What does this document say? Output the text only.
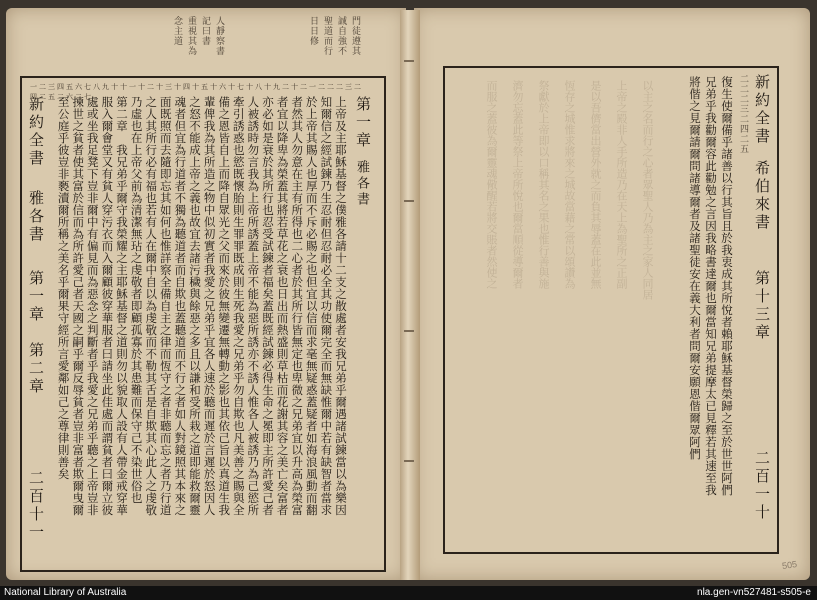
門徒遵其
誠自強不
聖道而行
日日修
人靜察書
記曰書
重視其為
念主道
一二三四五六七八九十十一十二十三十四十五十六十七十八十九二十二一二二二三二四二五二六二七	上帝及主耶穌基督之僕雅各請十二支之散處者安我兄弟乎爾遇諸試鍊當以為樂因
知爾信之經試鍊乃生忍耐但忍耐必全其功使爾完全而無缺惟爾中若有缺智者當求
於上帝其賜人也厚而不斥必賜之也但宜以信而求毫無疑惑蓋疑者如海浪風動而翻
者然其人勿意在主有所得也二心者於其所行皆無定也卑微之兄弟宜以升高為榮富
者宜以降卑為榮蓋其將若草花之衰也日出而熱盛則草枯而花謝其容之美亡矣富者
亦必如是衰於其所行也忍受試鍊者福矣蓋既經試鍊必得生命之冕即主所許愛己者
人被誘時勿言我為上帝所誘蓋上帝不能為惡所誘亦不誘人惟各人被誘乃為己慾所
牽引誘惑也慾既懷胎則生罪罪既成則生死我愛之兄弟乎勿自欺也凡美善之賜與全
備之恩皆自上而降自眾光之父而來於彼無變遷無轉動之影也其依己旨以真道生我
輩俾我為其所造之物中似初實者我愛之兄弟乎宜各人速於聽而遲於言遲於怒因人
之怒不能成上帝之義也故宜去諸污穢與餘惡之多且以謙和受所栽之道即能救爾靈
魂者但宜為行道者不獨為聽道者而自欺也蓋聽道而不行之者如人對鏡照其本來之
面既照而去隨即忘其如何也惟詳察全備自主之律而恆守之者非聽而忘之者乃行道
之人其所行必有福也若有人在爾中自以為虔敬而不勒其舌是自欺其心此人之虔敬
乃虛也在上帝父前為清潔無玷之虔敬者即顧孤寡於其患難而保守己不染世俗也
第二章　我兄弟乎爾守我榮耀之主耶穌基督之道則勿以貌取人設有人帶金戒穿華
服入爾會堂又有貧人穿污衣而入爾顧彼穿華服者曰請坐此佳處而謂貧者曰爾立彼
處或坐我足凳下豈非爾中有偏見而為惡念之判斷者乎我愛之兄弟乎聽之上帝豈非
揀世之貧者使其富於信而為所許愛己者天國之嗣乎爾反辱貧者豈非富者欺爾曳爾
至公庭乎彼豈非褻瀆爾所稱之美名乎爾果守經所言愛鄰如己之尊律則善矣	第一章
雅各書
新約全書
雅各書
第一章　第二章
二百十一
以主之名而行之心者眾聖人乃為主之家人同居
上帝之殿非人手所造乃在天上為聖所之正副
是以吾儕當出營外就之而負其辱蓋在此並無
恆存之城惟求將來之城故當藉之常以頌讚為
祭獻於上帝即以口稱其名之果也惟行善與施
濟勿忘蓋此等祭上帝所悅也爾當順從導爾者
而服之蓋彼為爾靈魂儆醒若將交賬者然使之	新約全書
希伯來書
第十三章
二百一十
二二二三二四二五
復生使爾備乎諸善以行其旨且於我衷成其所悅者賴耶穌基督榮歸之至於世世阿們
兄弟乎我勸爾容此勸勉之言因我略書達爾也爾當知兄弟提摩太已見釋若其速至我
將偕之見爾請爾問諸導爾者及諸聖徒安在義大利者問爾安願恩偕爾眾阿們
505
National Library of Australia	nla.gen-vn527481-s505-e
